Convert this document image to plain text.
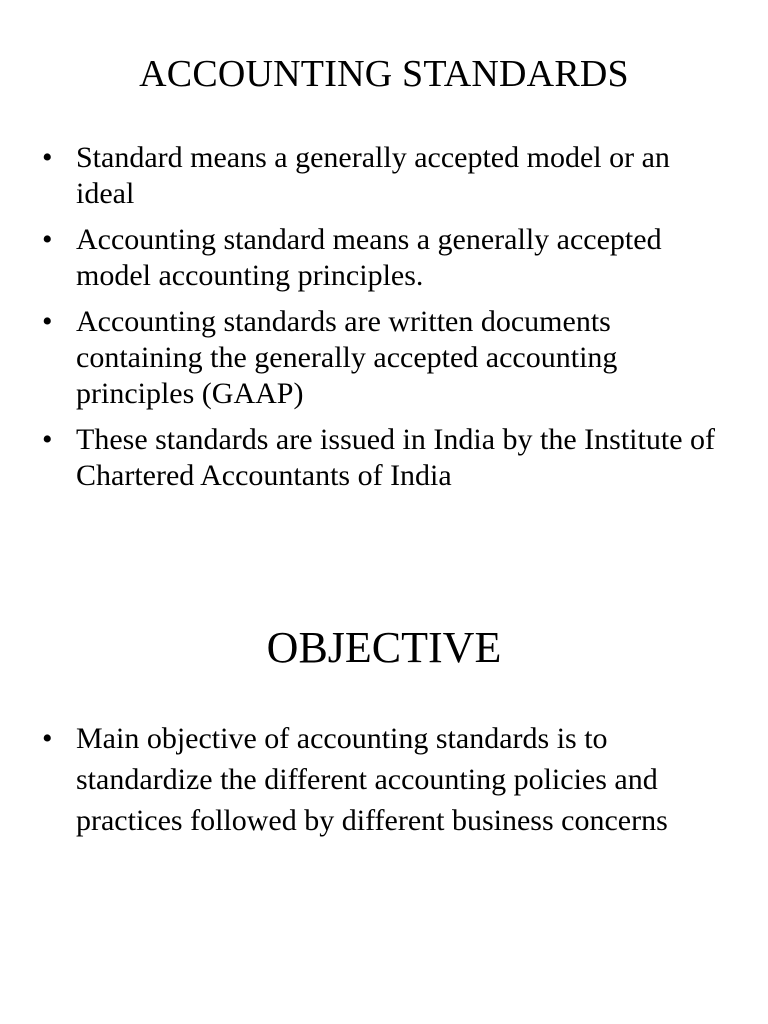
ACCOUNTING STANDARDS
• Standard means a generally accepted model or an ideal
• Accounting standard means a generally accepted model accounting principles.
• Accounting standards are written documents containing the generally accepted accounting principles (GAAP)
• These standards are issued in India by the Institute of Chartered Accountants of India
OBJECTIVE
• Main objective of accounting standards is to standardize the different accounting policies and practices followed by different business concerns
